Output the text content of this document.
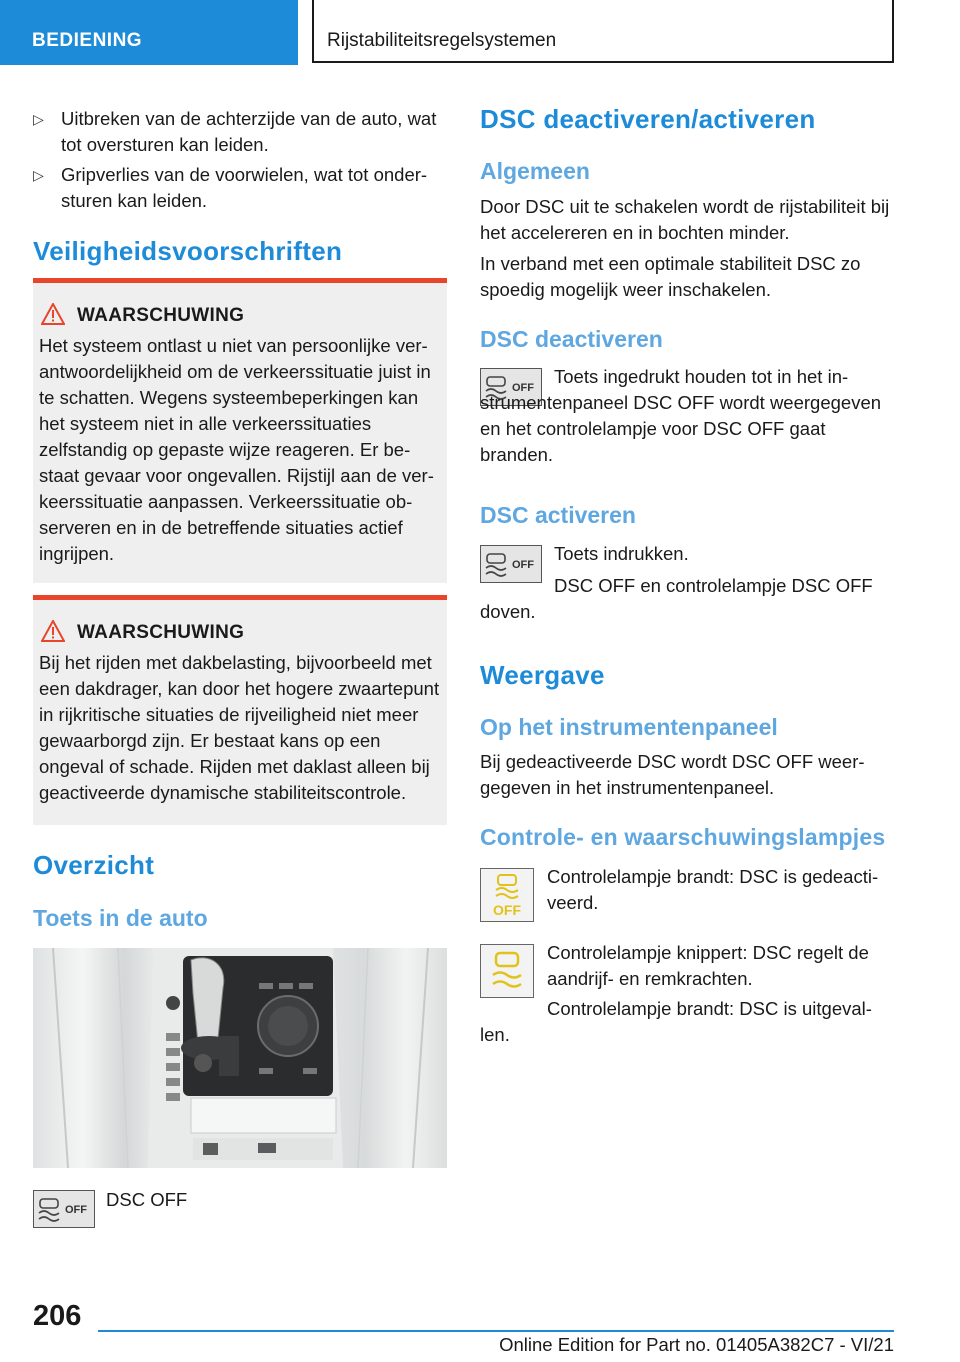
BEDIENING	Rijstabiliteitsregelsystemen
▷ Uitbreken van de achterzijde van de auto, wat tot oversturen kan leiden.
▷ Gripverlies van de voorwielen, wat tot ondersturen kan leiden.
Veiligheidsvoorschriften
WAARSCHUWING
Het systeem ontlast u niet van persoonlijke verantwoordelijkheid om de verkeerssituatie juist in te schatten. Wegens systeembeperkingen kan het systeem niet in alle verkeerssituaties zelfstandig op gepaste wijze reageren. Er bestaat gevaar voor ongevallen. Rijstijl aan de verkeerssituatie aanpassen. Verkeerssituatie observeren en in de betreffende situaties actief ingrijpen.
WAARSCHUWING
Bij het rijden met dakbelasting, bijvoorbeeld met een dakdrager, kan door het hogere zwaartepunt in rijkritische situaties de rijveiligheid niet meer gewaarborgd zijn. Er bestaat kans op een ongeval of schade. Rijden met daklast alleen bij geactiveerde dynamische stabiliteitscontrole.
Overzicht
Toets in de auto
OFF DSC OFF
DSC deactiveren/activeren
Algemeen
Door DSC uit te schakelen wordt de rijstabiliteit bij het accelereren en in bochten minder.
In verband met een optimale stabiliteit DSC zo spoedig mogelijk weer inschakelen.
DSC deactiveren
OFF
Toets ingedrukt houden tot in het instrumentenpaneel DSC OFF wordt weergegeven en het controlelampje voor DSC OFF gaat branden.
DSC activeren
OFF
Toets indrukken.
DSC OFF en controlelampje DSC OFF doven.
Weergave
Op het instrumentenpaneel
Bij gedeactiveerde DSC wordt DSC OFF weergegeven in het instrumentenpaneel.
Controle- en waarschuwingslampjes
OFF
Controlelampje brandt: DSC is gedeactiveerd.
Controlelampje knippert: DSC regelt de aandrijf- en remkrachten.
Controlelampje brandt: DSC is uitgevallen.
206
Online Edition for Part no. 01405A382C7 - VI/21
